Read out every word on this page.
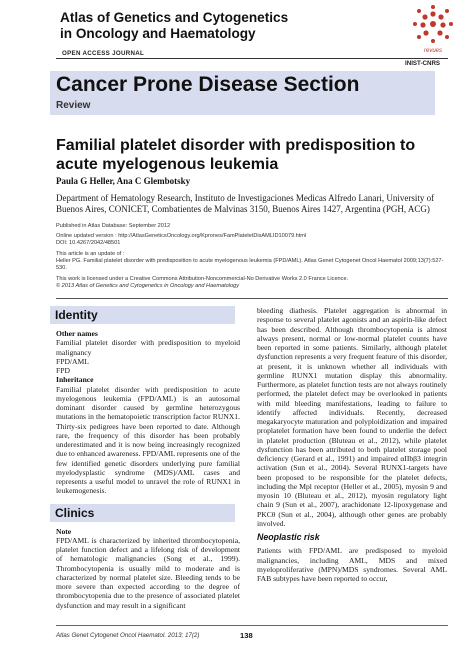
Atlas of Genetics and Cytogenetics
in Oncology and Haematology
OPEN ACCESS JOURNAL	revues
INIST-CNRS
Cancer Prone Disease Section
Review
Familial platelet disorder with predisposition to
acute myelogenous leukemia
Paula G Heller, Ana C Glembotsky
Department of Hematology Research, Instituto de Investigaciones Medicas Alfredo Lanari, University of Buenos Aires, CONICET, Combatientes de Malvinas 3150, Buenos Aires 1427, Argentina (PGH, ACG)
Published in Atlas Database: September 2012
Online updated version : http://AtlasGeneticsOncology.org/Kprones/FamPlateletDisAMLID10079.html
DOI: 10.4267/2042/48501
This article is an update of :
Heller PG. Familial platelet disorder with predisposition to acute myelogenous leukemia (FPD/AML). Atlas Genet Cytogenet Oncol Haematol 2009;13(7):527-530.
This work is licensed under a Creative Commons Attribution-Noncommercial-No Derivative Works 2.0 France Licence.
© 2013 Atlas of Genetics and Cytogenetics in Oncology and Haematology
Identity
Other names

Familial platelet disorder with predisposition to myeloid malignancy

FPD/AML

FPD

Inheritance

Familial platelet disorder with predisposition to acute myelogenous leukemia (FPD/AML) is an autosomal dominant disorder caused by germline heterozygous mutations in the hematopoietic transcription factor RUNX1. Thirty-six pedigrees have been reported to date. Although rare, the frequency of this disorder has been probably underestimated and it is now being increasingly recognized due to enhanced awareness. FPD/AML represents one of the few identified genetic disorders underlying pure familial myelodysplastic syndrome (MDS)/AML cases and represents a useful model to unravel the role of RUNX1 in leukemogenesis.

Clinics
Note

FPD/AML is characterized by inherited thrombocytopenia, platelet function defect and a lifelong risk of development of hematologic malignancies (Song et al., 1999). Thrombocytopenia is usually mild to moderate and is characterized by normal platelet size. Bleeding tends to be more severe than expected according to the degree of thrombocytopenia due to the presence of associated platelet dysfunction and may result in a significant

bleeding diathesis. Platelet aggregation is abnormal in response to several platelet agonists and an aspirin-like defect has been described. Although thrombocytopenia is almost always present, normal or low-normal platelet counts have been reported in some patients. Similarly, although platelet dysfunction represents a very frequent feature of this disorder, at present, it is unknown whether all individuals with germline RUNX1 mutation display this abnormality. Furthermore, as platelet function tests are not always routinely performed, the platelet defect may be overlooked in patients with mild bleeding manifestations, leading to failure to identify affected individuals. Recently, decreased megakaryocyte maturation and polyploidization and impaired proplatelet formation have been found to underlie the defect in platelet production (Bluteau et al., 2012), while platelet dysfunction has been attributed to both platelet storage pool deficiency (Gerard et al., 1991) and impaired αIIbβ3 integrin activation (Sun et al., 2004). Several RUNX1-targets have been proposed to be responsible for the platelet defects, including the Mpl receptor (Heller et al., 2005), myosin 9 and myosin 10 (Bluteau et al., 2012), myosin regulatory light chain 9 (Sun et al., 2007), arachidonate 12-lipoxygenase and PKCθ (Sun et al., 2004), although other genes are probably involved.

Neoplastic risk

Patients with FPD/AML are predisposed to myeloid malignancies, including AML, MDS and mixed myeloproliferative (MPN)/MDS syndromes. Several AML FAB subtypes have been reported to occur,

Atlas Genet Cytogenet Oncol Haematol. 2013; 17(2)	138
